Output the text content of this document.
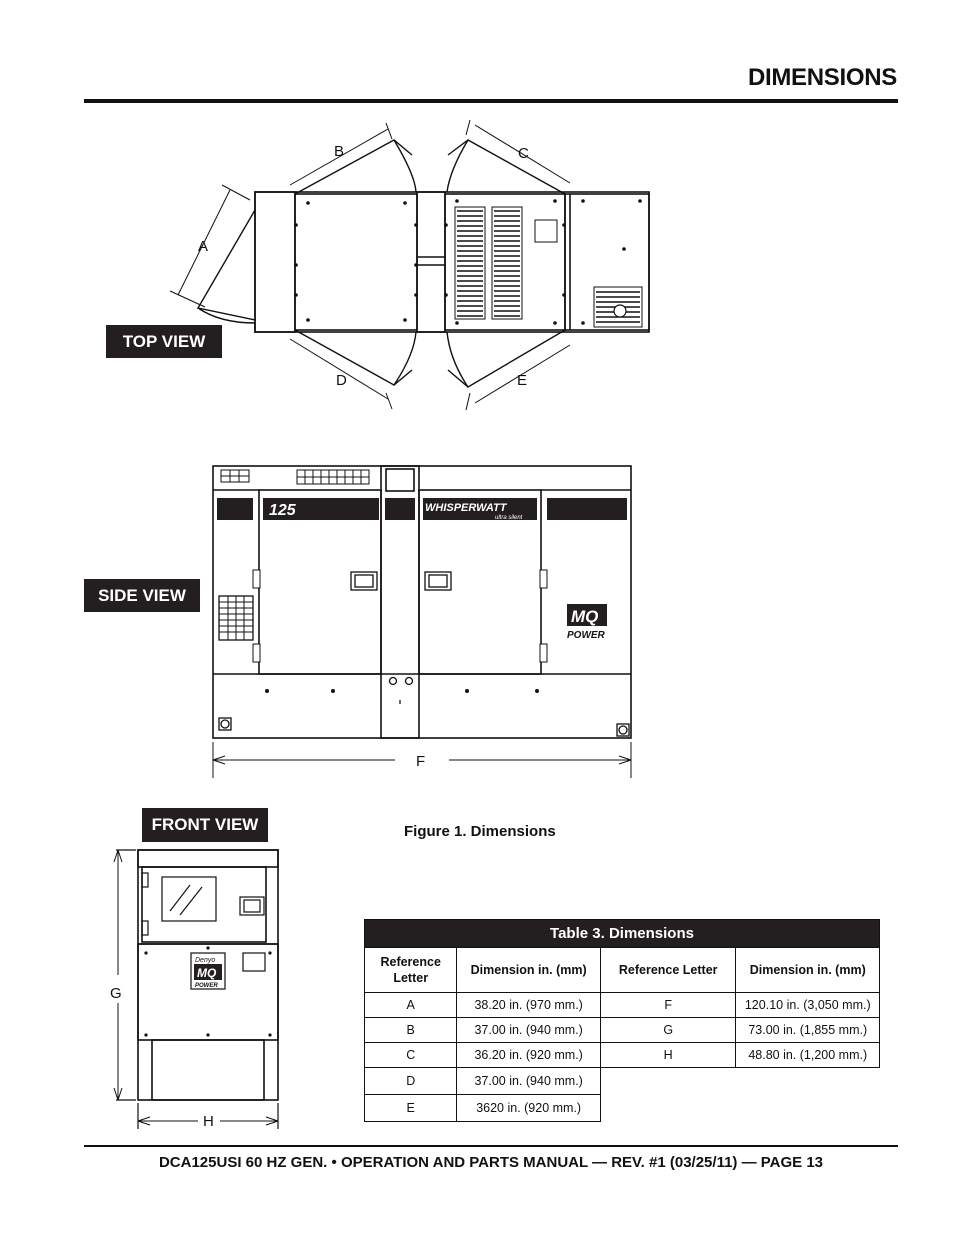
DIMENSIONS
A
B	C
D	E
TOP VIEW
125	WHISPERWATT
ultra silent
MQ
POWER
F
SIDE VIEW
FRONT VIEW
Denyo
MQ
POWER
G
H
Figure 1. Dimensions
Table 3. Dimensions			
Reference Letter	Dimension in. (mm)	Reference Letter	Dimension in. (mm)
A	38.20 in. (970 mm.)	F	120.10 in. (3,050 mm.)
B	37.00 in. (940 mm.)	G	73.00 in. (1,855 mm.)
C	36.20 in. (920 mm.)	H	48.80 in. (1,200 mm.)
D	37.00 in. (940 mm.)		
E	3620 in. (920 mm.)		
DCA125USI 60 HZ GEN. • OPERATION AND PARTS MANUAL — REV. #1 (03/25/11) — PAGE 13
